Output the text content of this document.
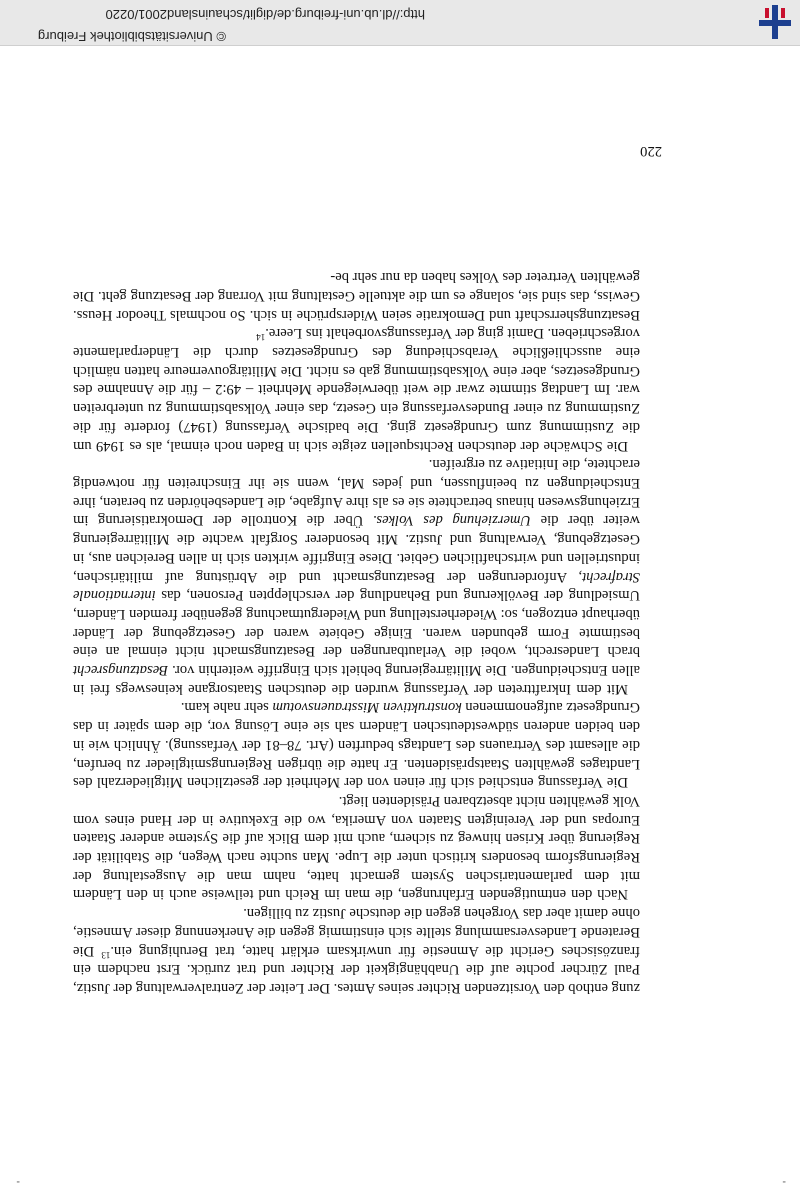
© Universitätsbibliothek Freiburg
http://dl.ub.uni-freiburg.de/diglit/schauinsland2001/0220

zung enthob den Vorsitzenden Richter seines Amtes. Der Leiter der Zentralverwaltung der Justiz, Paul Zürcher pochte auf die Unabhängigkeit der Richter und trat zurück. Erst nachdem ein französisches Gericht die Amnestie für unwirksam erklärt hatte, trat Beruhigung ein.$^{13}$ Die Beratende Landesversammlung stellte sich einstimmig gegen die Anerkennung dieser Amnestie, ohne damit aber das Vorgehen gegen die deutsche Justiz zu billigen.

Nach den entmutigenden Erfahrungen, die man im Reich und teilweise auch in den Ländern mit dem parlamentarischen System gemacht hatte, nahm man die Ausgestaltung der Regierungsform besonders kritisch unter die Lupe. Man suchte nach Wegen, die Stabilität der Regierung über Krisen hinweg zu sichern, auch mit dem Blick auf die Systeme anderer Staaten Europas und der Vereinigten Staaten von Amerika, wo die Exekutive in der Hand eines vom Volk gewählten nicht absetzbaren Präsidenten liegt.

Die Verfassung entschied sich für einen von der Mehrheit der gesetzlichen Mitgliederzahl des Landtages gewählten Staatspräsidenten. Er hatte die übrigen Regierungsmitglieder zu berufen, die allesamt des Vertrauens des Landtags bedurften (Art. 78–81 der Verfassung). Ähnlich wie in den beiden anderen südwestdeutschen Ländern sah sie eine Lösung vor, die dem später in das Grundgesetz aufgenommenen konstruktiven Misstrauensvotum sehr nahe kam.

Mit dem Inkrafttreten der Verfassung wurden die deutschen Staatsorgane keineswegs frei in allen Entscheidungen. Die Militärregierung behielt sich Eingriffe weiterhin vor. Besatzungsrecht brach Landesrecht, wobei die Verlautbarungen der Besatzungsmacht nicht einmal an eine bestimmte Form gebunden waren. Einige Gebiete waren der Gesetzgebung der Länder überhaupt entzogen, so: Wiederherstellung und Wiedergutmachung gegenüber fremden Ländern, Umsiedlung der Bevölkerung und Behandlung der verschleppten Personen, das internationale Strafrecht, Anforderungen der Besatzungsmacht und die Abrüstung auf militärischen, industriellen und wirtschaftlichen Gebiet. Diese Eingriffe wirkten sich in allen Bereichen aus, in Gesetzgebung, Verwaltung und Justiz. Mit besonderer Sorgfalt wachte die Militärregierung weiter über die Umerziehung des Volkes. Über die Kontrolle der Demokratisierung im Erziehungswesen hinaus betrachtete sie es als ihre Aufgabe, die Landesbehörden zu beraten, ihre Entscheidungen zu beeinflussen, und jedes Mal, wenn sie ihr Einschreiten für notwendig erachtete, die Initiative zu ergreifen.

Die Schwäche der deutschen Rechtsquellen zeigte sich in Baden noch einmal, als es 1949 um die Zustimmung zum Grundgesetz ging. Die badische Verfassung (1947) forderte für die Zustimmung zu einer Bundesverfassung ein Gesetz, das einer Volksabstimmung zu unterbreiten war. Im Landtag stimmte zwar die weit überwiegende Mehrheit – 49:2 – für die Annahme des Grundgesetzes, aber eine Volksabstimmung gab es nicht. Die Militärgouverneure hatten nämlich eine ausschließliche Verabschiedung des Grundgesetzes durch die Länderparlamente vorgeschrieben. Damit ging der Verfassungsvorbehalt ins Leere.$^{14}$

Besatzungsherrschaft und Demokratie seien Widersprüche in sich. So nochmals Theodor Heuss. Gewiss, das sind sie, solange es um die aktuelle Gestaltung mit Vorrang der Besatzung geht. Die gewählten Vertreter des Volkes haben da nur sehr be-

220
-	-
